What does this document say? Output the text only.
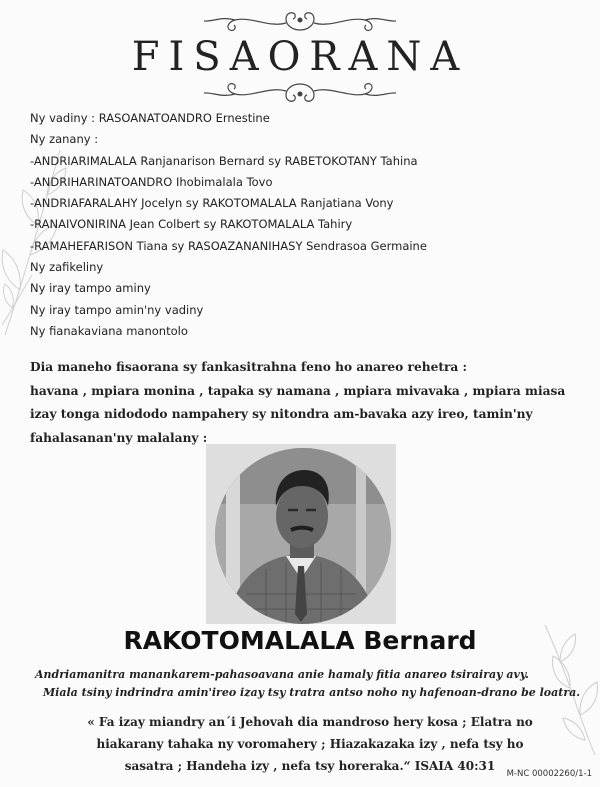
FISAORANA
Ny vadiny : RASOANATOANDRO Ernestine
Ny zanany :
-ANDRIARIMALALA Ranjanarison Bernard sy RABETOKOTANY Tahina
-ANDRIHARINATOANDRO Ihobimalala Tovo
-ANDRIAFARALAHY Jocelyn sy RAKOTOMALALA Ranjatiana Vony
-RANAIVONIRINA Jean Colbert sy RAKOTOMALALA Tahiry
-RAMAHEFARISON Tiana sy RASOAZANANIHASY Sendrasoa Germaine
Ny zafikeliny
Ny iray tampo aminy
Ny iray tampo amin'ny vadiny
Ny fianakaviana manontolo
Dia maneho fisaorana sy fankasitrahna feno ho anareo rehetra :
havana , mpiara monina , tapaka sy namana , mpiara mivavaka , mpiara miasa
izay tonga nidododo nampahery sy nitondra am-bavaka azy ireo, tamin'ny
fahalasanan'ny malalany :
RAKOTOMALALA Bernard
Andriamanitra manankarem-pahasoavana anie hamaly fitia anareo tsirairay avy.
Miala tsiny indrindra amin'ireo izay tsy tratra antso noho ny hafenoan-drano be loatra.
« Fa izay miandry an´i Jehovah dia mandroso hery kosa ; Elatra no
hiakarany tahaka ny voromahery ; Hiazakazaka izy , nefa tsy ho
sasatra ; Handeha izy , nefa tsy horeraka.“ ISAIA 40:31
M-NC 00002260/1-1
